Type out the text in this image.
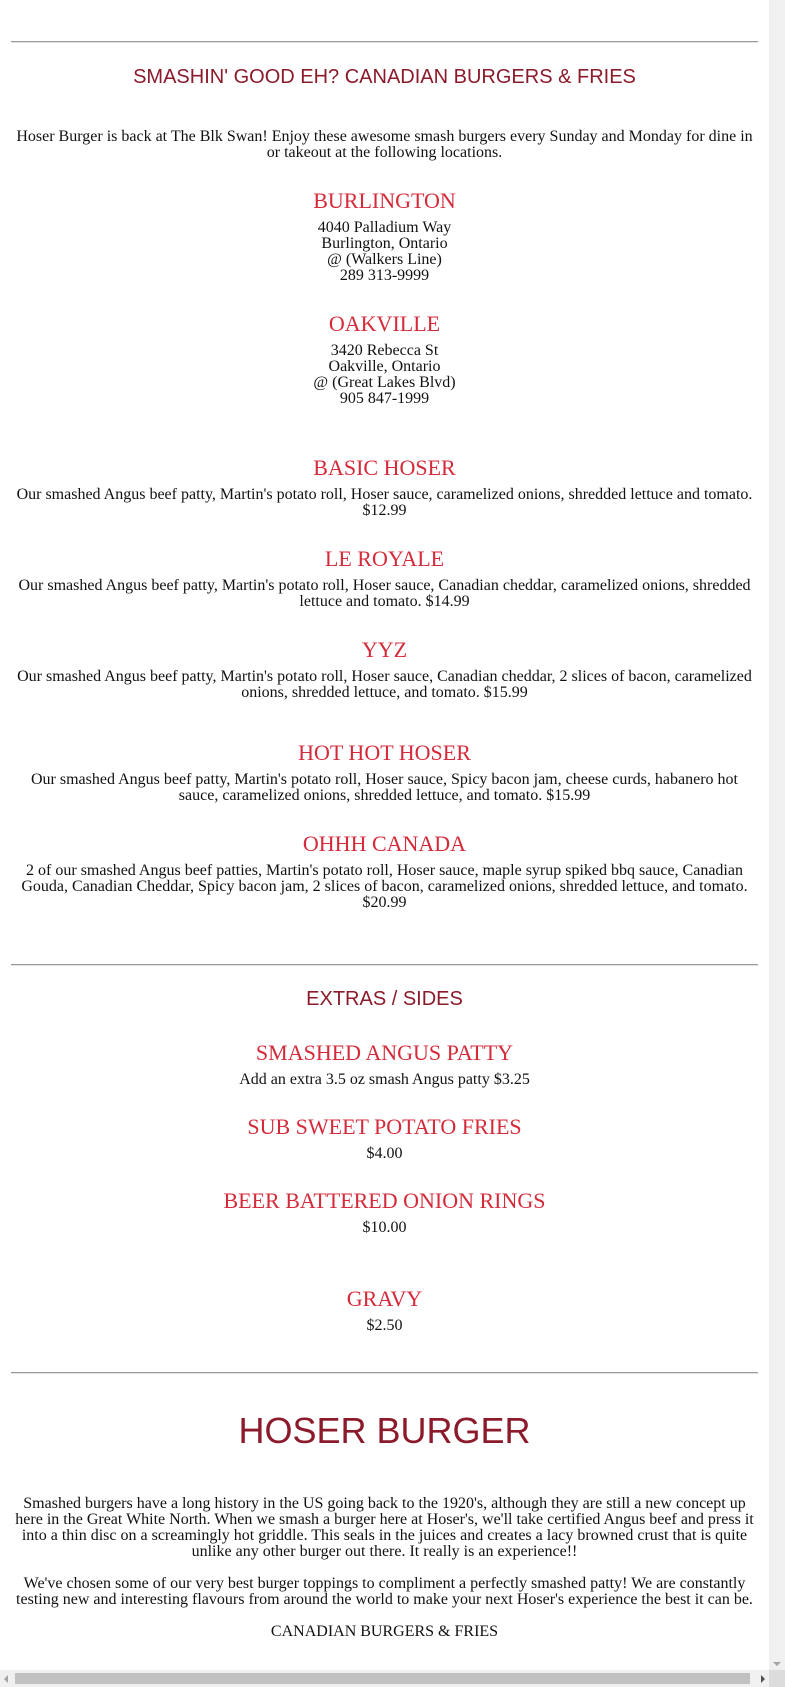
SMASHIN' GOOD EH? CANADIAN BURGERS & FRIES

Hoser Burger is back at The Blk Swan! Enjoy these awesome smash burgers every Sunday and Monday for dine in or takeout at the following locations.

BURLINGTON

4040 Palladium Way
Burlington, Ontario
@ (Walkers Line)
289 313-9999

OAKVILLE

3420 Rebecca St
Oakville, Ontario
@ (Great Lakes Blvd)
905 847-1999

BASIC HOSER

Our smashed Angus beef patty, Martin's potato roll, Hoser sauce, caramelized onions, shredded lettuce and tomato. $12.99

LE ROYALE

Our smashed Angus beef patty, Martin's potato roll, Hoser sauce, Canadian cheddar, caramelized onions, shredded lettuce and tomato. $14.99

YYZ

Our smashed Angus beef patty, Martin's potato roll, Hoser sauce, Canadian cheddar, 2 slices of bacon, caramelized onions, shredded lettuce, and tomato. $15.99

HOT HOT HOSER

Our smashed Angus beef patty, Martin's potato roll, Hoser sauce, Spicy bacon jam, cheese curds, habanero hot sauce, caramelized onions, shredded lettuce, and tomato. $15.99

OHHH CANADA

2 of our smashed Angus beef patties, Martin's potato roll, Hoser sauce, maple syrup spiked bbq sauce, Canadian Gouda, Canadian Cheddar, Spicy bacon jam, 2 slices of bacon, caramelized onions, shredded lettuce, and tomato. $20.99

EXTRAS / SIDES
SMASHED ANGUS PATTY

Add an extra 3.5 oz smash Angus patty $3.25

SUB SWEET POTATO FRIES

$4.00

BEER BATTERED ONION RINGS

$10.00

GRAVY

$2.50

HOSER BURGER

Smashed burgers have a long history in the US going back to the 1920's, although they are still a new concept up here in the Great White North. When we smash a burger here at Hoser's, we'll take certified Angus beef and press it into a thin disc on a screamingly hot griddle. This seals in the juices and creates a lacy browned crust that is quite unlike any other burger out there. It really is an experience!!

We've chosen some of our very best burger toppings to compliment a perfectly smashed patty! We are constantly testing new and interesting flavours from around the world to make your next Hoser's experience the best it can be.

CANADIAN BURGERS & FRIES
